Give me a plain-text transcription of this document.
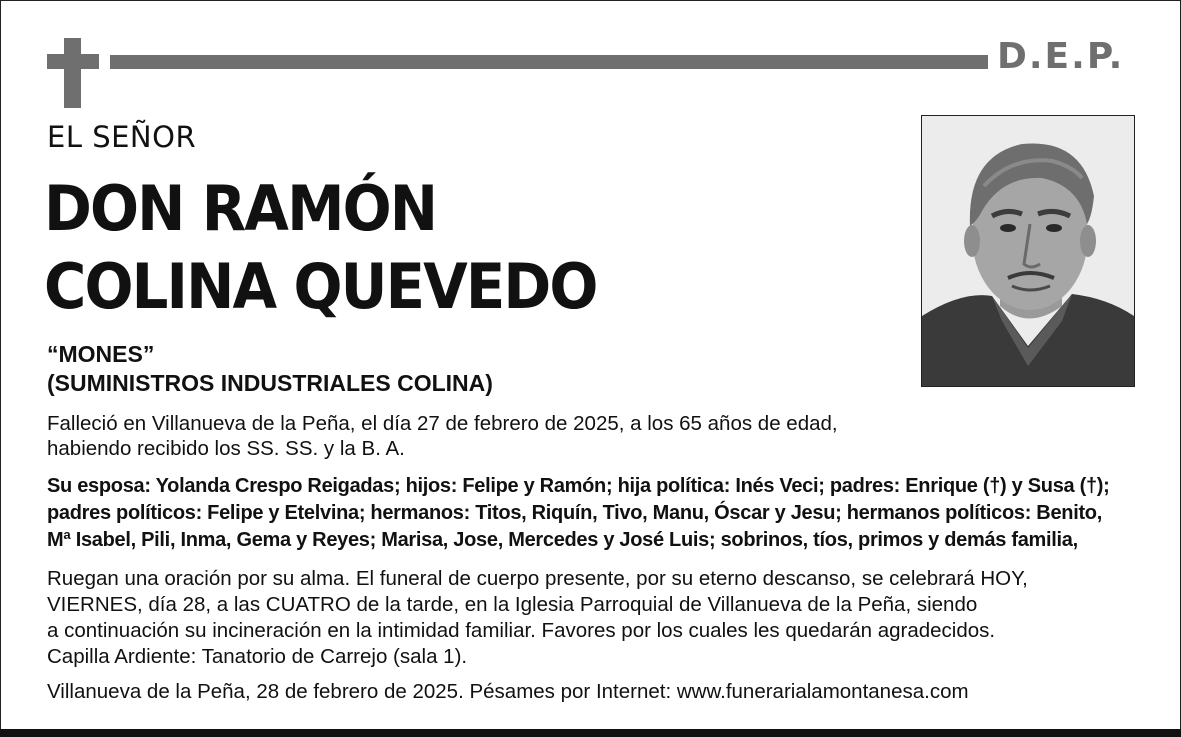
D.E.P.
EL SEÑOR
DON RAMÓN
COLINA QUEVEDO
“MONES”
(SUMINISTROS INDUSTRIALES COLINA)
Falleció en Villanueva de la Peña, el día 27 de febrero de 2025, a los 65 años de edad,
habiendo recibido los SS. SS. y la B. A.
Su esposa: Yolanda Crespo Reigadas; hijos: Felipe y Ramón; hija política: Inés Veci; padres: Enrique (†) y Susa (†);
padres políticos: Felipe y Etelvina; hermanos: Titos, Riquín, Tivo, Manu, Óscar y Jesu; hermanos políticos: Benito,
Mª Isabel, Pili, Inma, Gema y Reyes; Marisa, Jose, Mercedes y José Luis; sobrinos, tíos, primos y demás familia,
Ruegan una oración por su alma. El funeral de cuerpo presente, por su eterno descanso, se celebrará HOY,
VIERNES, día 28, a las CUATRO de la tarde, en la Iglesia Parroquial de Villanueva de la Peña, siendo
a continuación su incineración en la intimidad familiar. Favores por los cuales les quedarán agradecidos.
Capilla Ardiente: Tanatorio de Carrejo (sala 1).
Villanueva de la Peña, 28 de febrero de 2025. Pésames por Internet: www.funerarialamontanesa.com
